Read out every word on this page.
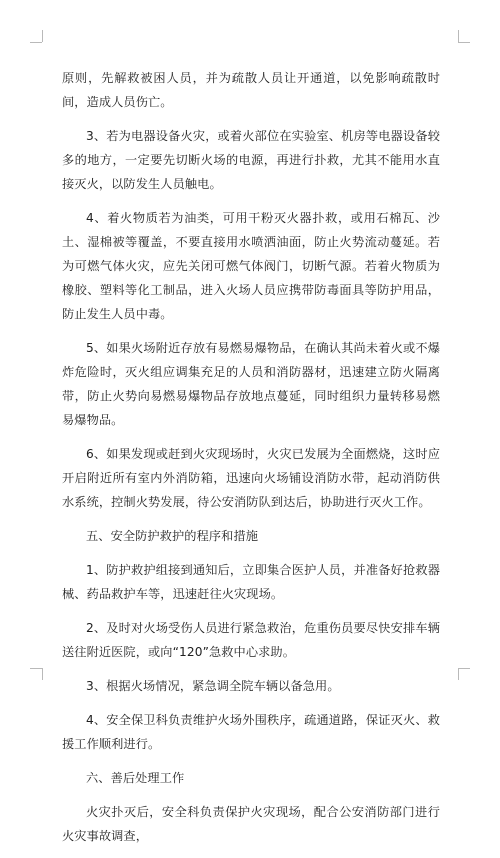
原则，先解救被困人员，并为疏散人员让开通道，以免影响疏散时间，造成人员伤亡。

3、若为电器设备火灾，或着火部位在实验室、机房等电器设备较多的地方，一定要先切断火场的电源，再进行扑救，尤其不能用水直接灭火，以防发生人员触电。

4、着火物质若为油类，可用干粉灭火器扑救，或用石棉瓦、沙土、湿棉被等覆盖，不要直接用水喷洒油面，防止火势流动蔓延。若为可燃气体火灾，应先关闭可燃气体阀门，切断气源。若着火物质为橡胶、塑料等化工制品，进入火场人员应携带防毒面具等防护用品，防止发生人员中毒。

5、如果火场附近存放有易燃易爆物品，在确认其尚未着火或不爆炸危险时，灭火组应调集充足的人员和消防器材，迅速建立防火隔离带，防止火势向易燃易爆物品存放地点蔓延，同时组织力量转移易燃易爆物品。

6、如果发现或赶到火灾现场时，火灾已发展为全面燃烧，这时应开启附近所有室内外消防箱，迅速向火场铺设消防水带，起动消防供水系统，控制火势发展，待公安消防队到达后，协助进行灭火工作。

五、安全防护救护的程序和措施

1、防护救护组接到通知后，立即集合医护人员，并准备好抢救器械、药品救护车等，迅速赶往火灾现场。

2、及时对火场受伤人员进行紧急救治，危重伤员要尽快安排车辆送往附近医院，或向“120”急救中心求助。

3、根据火场情况，紧急调全院车辆以备急用。

4、安全保卫科负责维护火场外围秩序，疏通道路，保证灭火、救援工作顺利进行。

六、善后处理工作

火灾扑灭后，安全科负责保护火灾现场，配合公安消防部门进行火灾事故调查，
